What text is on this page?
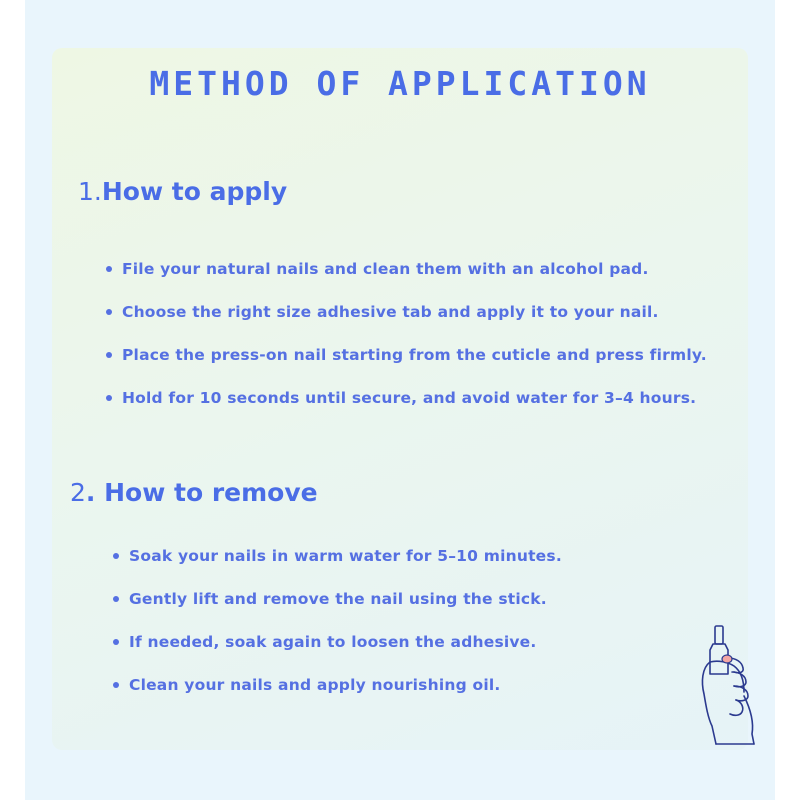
METHOD OF APPLICATION
1.How to apply
File your natural nails and clean them with an alcohol pad.
Choose the right size adhesive tab and apply it to your nail.
Place the press-on nail starting from the cuticle and press firmly.
Hold for 10 seconds until secure, and avoid water for 3–4 hours.
2. How to remove
Soak your nails in warm water for 5–10 minutes.
Gently lift and remove the nail using the stick.
If needed, soak again to loosen the adhesive.
Clean your nails and apply nourishing oil.
